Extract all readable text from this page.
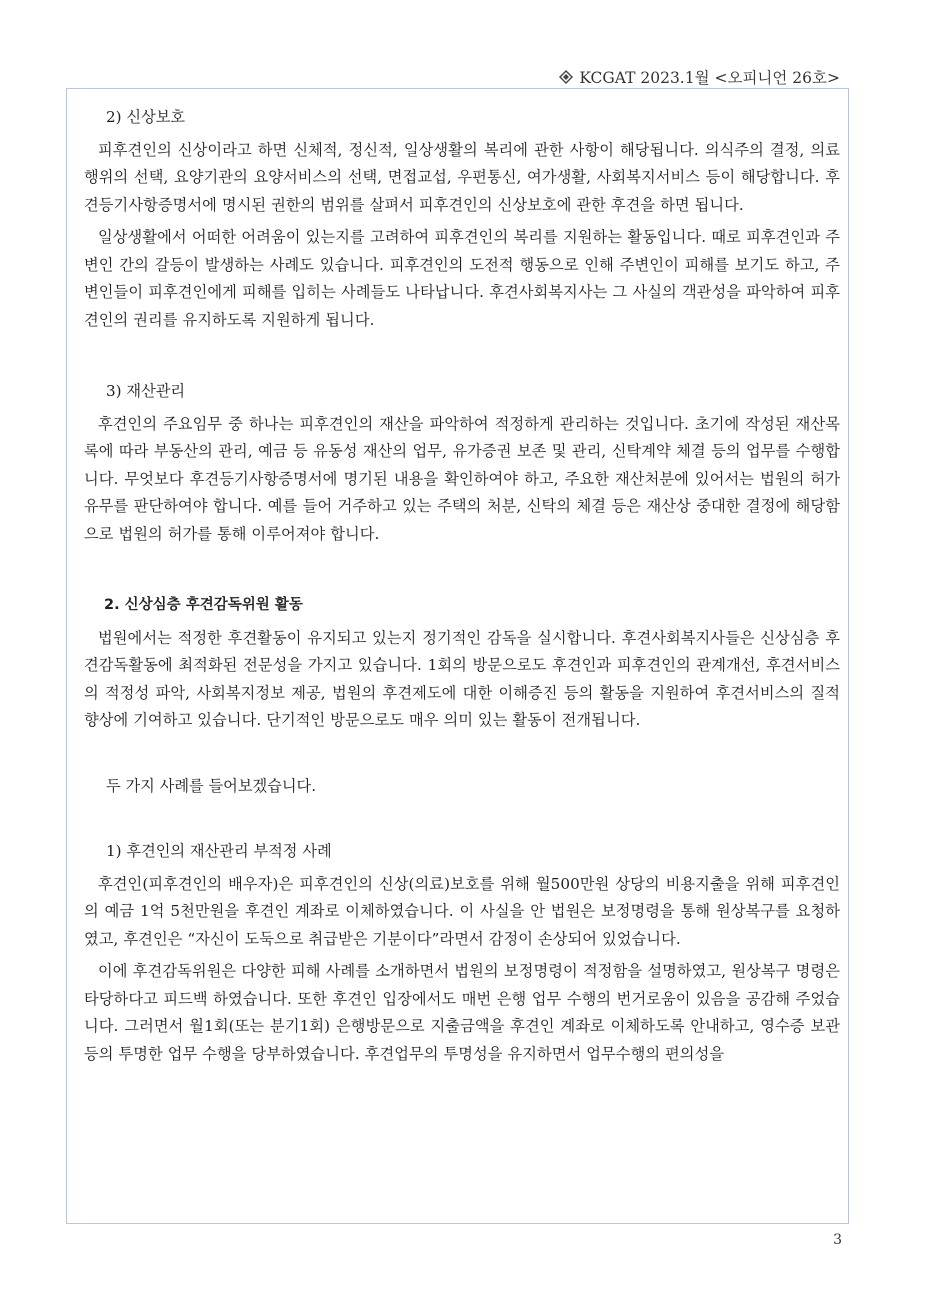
KCGAT 2023.1월 <오피니언 26호>
2) 신상보호

피후견인의 신상이라고 하면 신체적, 정신적, 일상생활의 복리에 관한 사항이 해당됩니다. 의식주의 결정, 의료행위의 선택, 요양기관의 요양서비스의 선택, 면접교섭, 우편통신, 여가생활, 사회복지서비스 등이 해당합니다. 후견등기사항증명서에 명시된 권한의 범위를 살펴서 피후견인의 신상보호에 관한 후견을 하면 됩니다.

일상생활에서 어떠한 어려움이 있는지를 고려하여 피후견인의 복리를 지원하는 활동입니다. 때로 피후견인과 주변인 간의 갈등이 발생하는 사례도 있습니다. 피후견인의 도전적 행동으로 인해 주변인이 피해를 보기도 하고, 주변인들이 피후견인에게 피해를 입히는 사례들도 나타납니다. 후견사회복지사는 그 사실의 객관성을 파악하여 피후견인의 권리를 유지하도록 지원하게 됩니다.

3) 재산관리

후견인의 주요임무 중 하나는 피후견인의 재산을 파악하여 적정하게 관리하는 것입니다. 초기에 작성된 재산목록에 따라 부동산의 관리, 예금 등 유동성 재산의 업무, 유가증권 보존 및 관리, 신탁계약 체결 등의 업무를 수행합니다. 무엇보다 후견등기사항증명서에 명기된 내용을 확인하여야 하고, 주요한 재산처분에 있어서는 법원의 허가 유무를 판단하여야 합니다. 예를 들어 거주하고 있는 주택의 처분, 신탁의 체결 등은 재산상 중대한 결정에 해당함으로 법원의 허가를 통해 이루어져야 합니다.

2. 신상심층 후견감독위원 활동

법원에서는 적정한 후견활동이 유지되고 있는지 정기적인 감독을 실시합니다. 후견사회복지사들은 신상심층 후견감독활동에 최적화된 전문성을 가지고 있습니다. 1회의 방문으로도 후견인과 피후견인의 관계개선, 후견서비스의 적정성 파악, 사회복지정보 제공, 법원의 후견제도에 대한 이해증진 등의 활동을 지원하여 후견서비스의 질적 향상에 기여하고 있습니다. 단기적인 방문으로도 매우 의미 있는 활동이 전개됩니다.

두 가지 사례를 들어보겠습니다.
1) 후견인의 재산관리 부적정 사례

후견인(피후견인의 배우자)은 피후견인의 신상(의료)보호를 위해 월500만원 상당의 비용지출을 위해 피후견인의 예금 1억 5천만원을 후견인 계좌로 이체하였습니다. 이 사실을 안 법원은 보정명령을 통해 원상복구를 요청하였고, 후견인은 “자신이 도둑으로 취급받은 기분이다”라면서 감정이 손상되어 있었습니다.

이에 후견감독위원은 다양한 피해 사례를 소개하면서 법원의 보정명령이 적정함을 설명하였고, 원상복구 명령은 타당하다고 피드백 하였습니다. 또한 후견인 입장에서도 매번 은행 업무 수행의 번거로움이 있음을 공감해 주었습니다. 그러면서 월1회(또는 분기1회) 은행방문으로 지출금액을 후견인 계좌로 이체하도록 안내하고, 영수증 보관 등의 투명한 업무 수행을 당부하였습니다. 후견업무의 투명성을 유지하면서 업무수행의 편의성을

3
